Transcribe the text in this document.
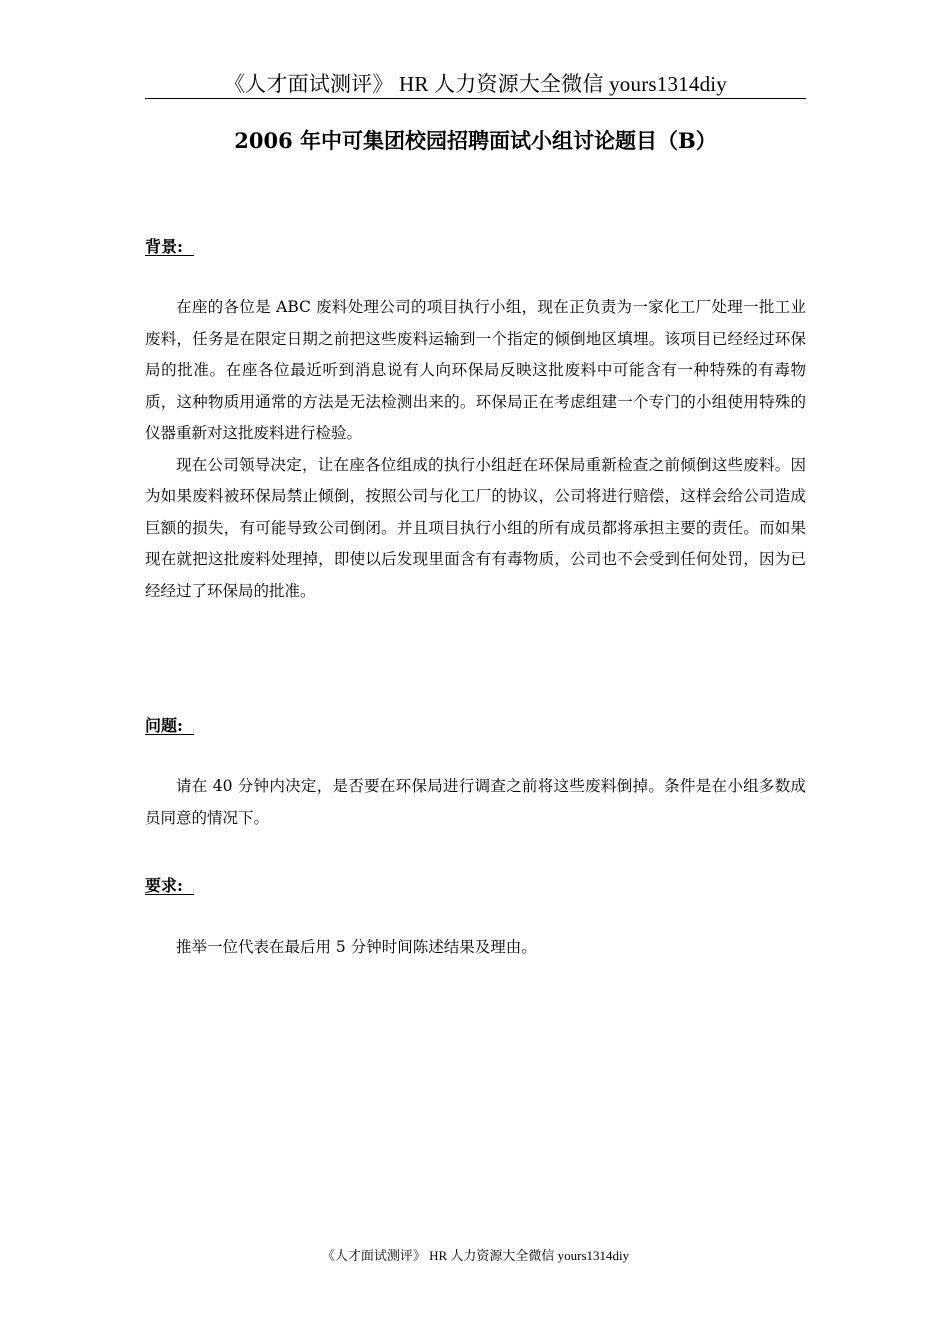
《人才面试测评》 HR 人力资源大全微信 yours1314diy
2006 年中可集团校园招聘面试小组讨论题目（B）
背景:

在座的各位是 ABC 废料处理公司的项目执行小组，现在正负责为一家化工厂处理一批工业废料，任务是在限定日期之前把这些废料运输到一个指定的倾倒地区填埋。该项目已经经过环保局的批准。在座各位最近听到消息说有人向环保局反映这批废料中可能含有一种特殊的有毒物质，这种物质用通常的方法是无法检测出来的。环保局正在考虑组建一个专门的小组使用特殊的仪器重新对这批废料进行检验。

现在公司领导决定，让在座各位组成的执行小组赶在环保局重新检查之前倾倒这些废料。因为如果废料被环保局禁止倾倒，按照公司与化工厂的协议，公司将进行赔偿，这样会给公司造成巨额的损失，有可能导致公司倒闭。并且项目执行小组的所有成员都将承担主要的责任。而如果现在就把这批废料处理掉，即使以后发现里面含有有毒物质，公司也不会受到任何处罚，因为已经经过了环保局的批准。

问题:

请在 40 分钟内决定，是否要在环保局进行调查之前将这些废料倒掉。条件是在小组多数成员同意的情况下。

要求:

推举一位代表在最后用 5 分钟时间陈述结果及理由。

《人才面试测评》 HR 人力资源大全微信 yours1314diy
